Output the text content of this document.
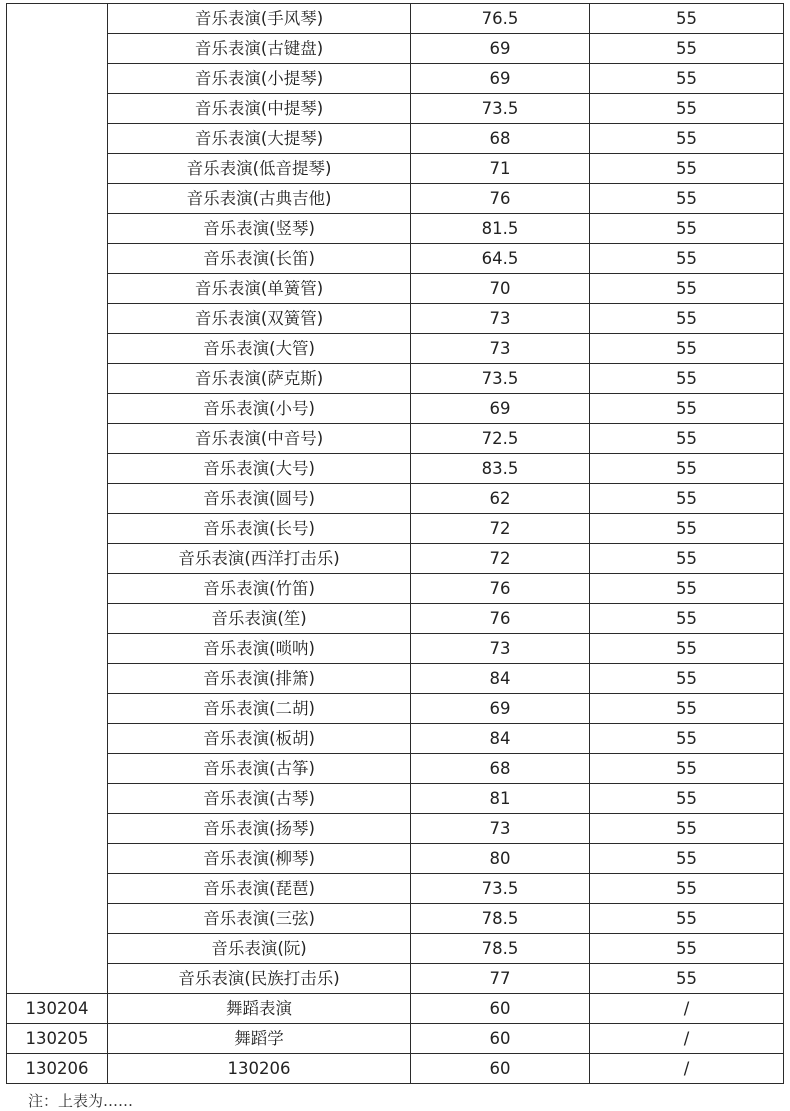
	音乐表演(手风琴)	76.5	55
	音乐表演(古键盘)	69	55
	音乐表演(小提琴)	69	55
	音乐表演(中提琴)	73.5	55
	音乐表演(大提琴)	68	55
	音乐表演(低音提琴)	71	55
	音乐表演(古典吉他)	76	55
	音乐表演(竖琴)	81.5	55
	音乐表演(长笛)	64.5	55
	音乐表演(单簧管)	70	55
	音乐表演(双簧管)	73	55
	音乐表演(大管)	73	55
	音乐表演(萨克斯)	73.5	55
	音乐表演(小号)	69	55
	音乐表演(中音号)	72.5	55
	音乐表演(大号)	83.5	55
	音乐表演(圆号)	62	55
	音乐表演(长号)	72	55
	音乐表演(西洋打击乐)	72	55
	音乐表演(竹笛)	76	55
	音乐表演(笙)	76	55
	音乐表演(唢呐)	73	55
	音乐表演(排箫)	84	55
	音乐表演(二胡)	69	55
	音乐表演(板胡)	84	55
	音乐表演(古筝)	68	55
	音乐表演(古琴)	81	55
	音乐表演(扬琴)	73	55
	音乐表演(柳琴)	80	55
	音乐表演(琵琶)	73.5	55
	音乐表演(三弦)	78.5	55
	音乐表演(阮)	78.5	55
	音乐表演(民族打击乐)	77	55
130204	舞蹈表演	60	/
130205	舞蹈学	60	/
130206	130206	60	/
注：上表为……
